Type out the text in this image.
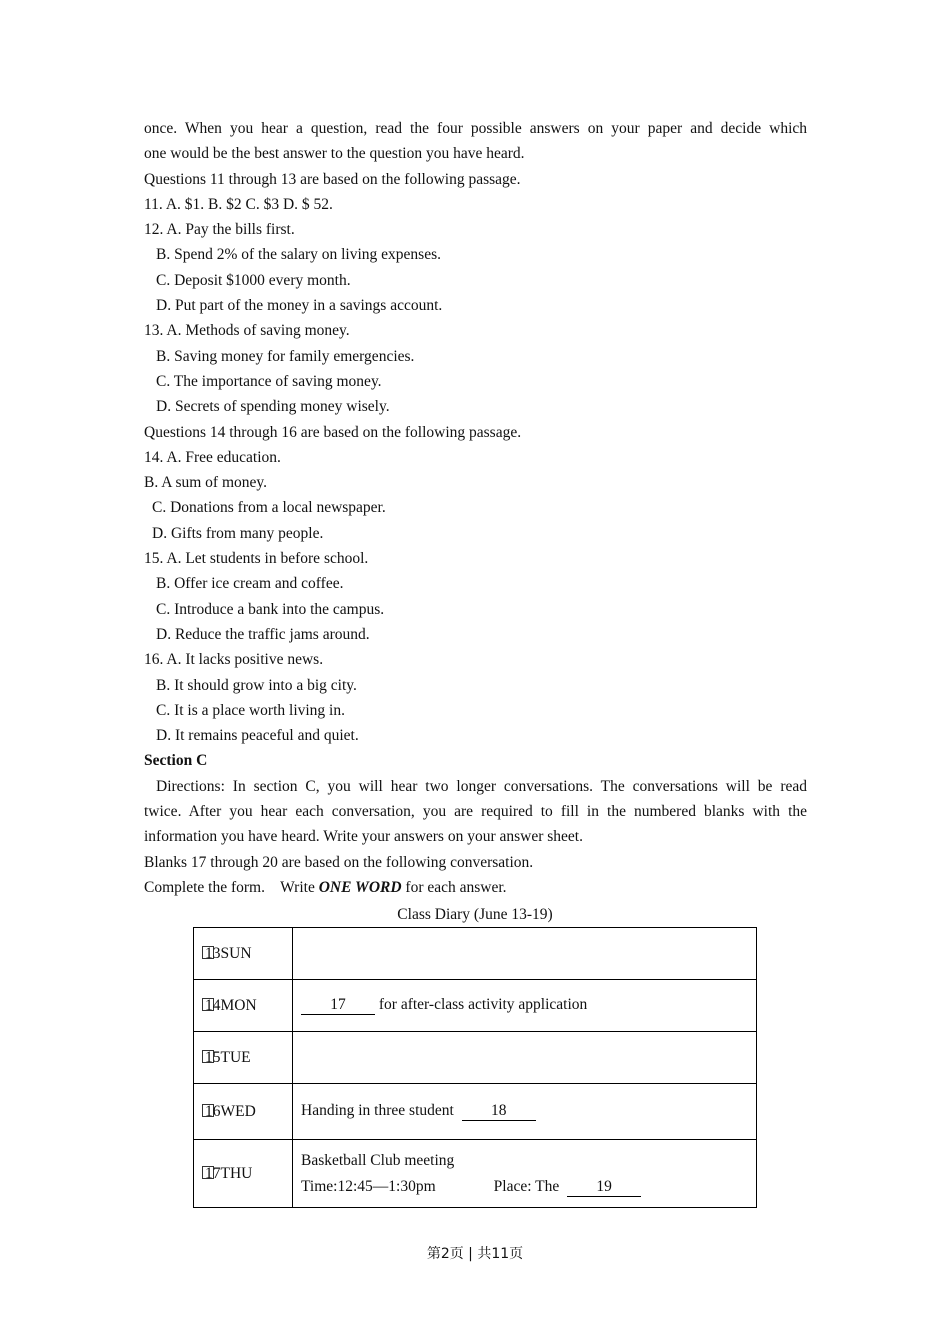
once. When you hear a question, read the four possible answers on your paper and decide which
one would be the best answer to the question you have heard.
Questions 11 through 13 are based on the following passage.
11. A. $1. B. $2 C. $3 D. $ 52.
12. A. Pay the bills first.
B. Spend 2% of the salary on living expenses.
C. Deposit $1000 every month.
D. Put part of the money in a savings account.
13. A. Methods of saving money.
B. Saving money for family emergencies.
C. The importance of saving money.
D. Secrets of spending money wisely.
Questions 14 through 16 are based on the following passage.
14. A. Free education.
B. A sum of money.
C. Donations from a local newspaper.
D. Gifts from many people.
15. A. Let students in before school.
B. Offer ice cream and coffee.
C. Introduce a bank into the campus.
D. Reduce the traffic jams around.
16. A. It lacks positive news.
B. It should grow into a big city.
C. It is a place worth living in.
D. It remains peaceful and quiet.
Section C
Directions: In section C, you will hear two longer conversations. The conversations will be read
twice. After you hear each conversation, you are required to fill in the numbered blanks with the
information you have heard. Write your answers on your answer sheet.
Blanks 17 through 20 are based on the following conversation.
Complete the form.    Write ONE WORD for each answer.
Class Diary (June 13-19)
13SUN	
14MON	17 for after-class activity application
15TUE	
16WED	Handing in three student 18
17THU	Basketball Club meeting
Time:12:45—1:30pm Place: The 19
第2页 | 共11页
